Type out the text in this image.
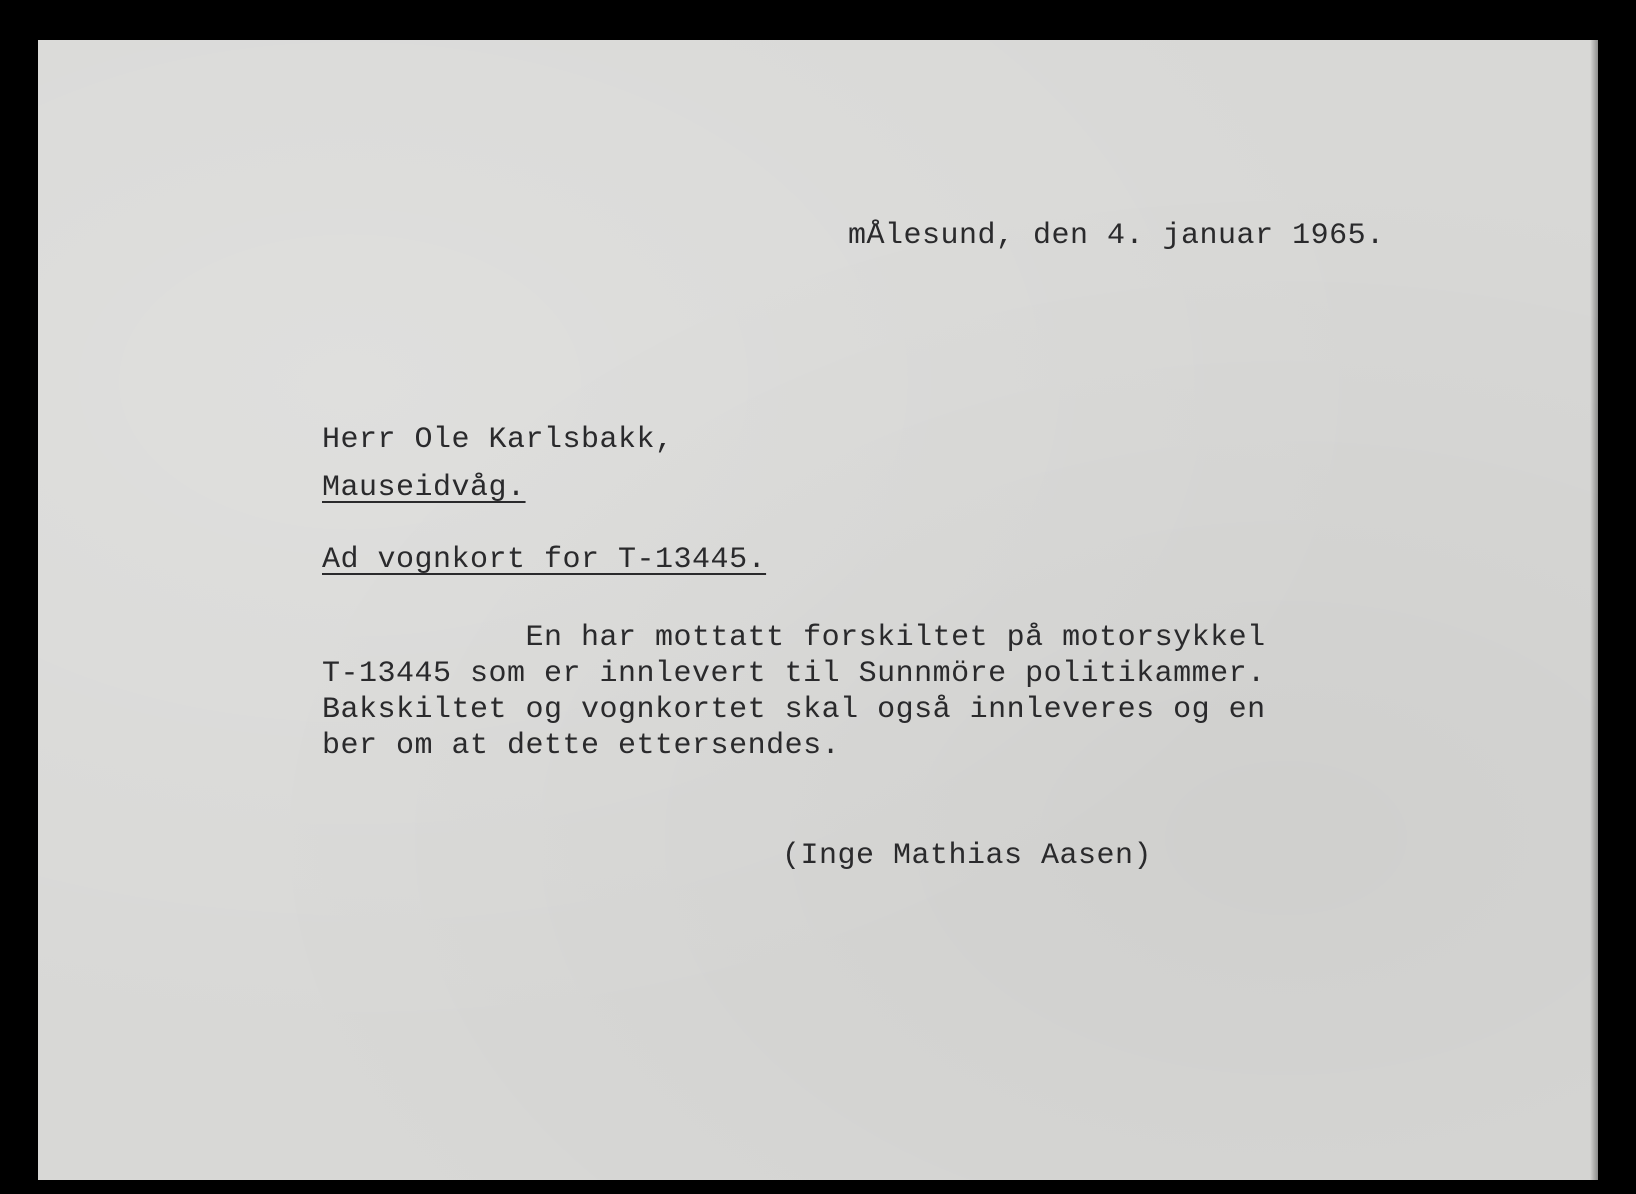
mÅlesund, den 4. januar 1965.
Herr Ole Karlsbakk,
Mauseidvåg.
Ad vognkort for T-13445.
En har mottatt forskiltet på motorsykkel
T-13445 som er innlevert til Sunnmöre politikammer.
Bakskiltet og vognkortet skal også innleveres og en
ber om at dette ettersendes.
(Inge Mathias Aasen)
